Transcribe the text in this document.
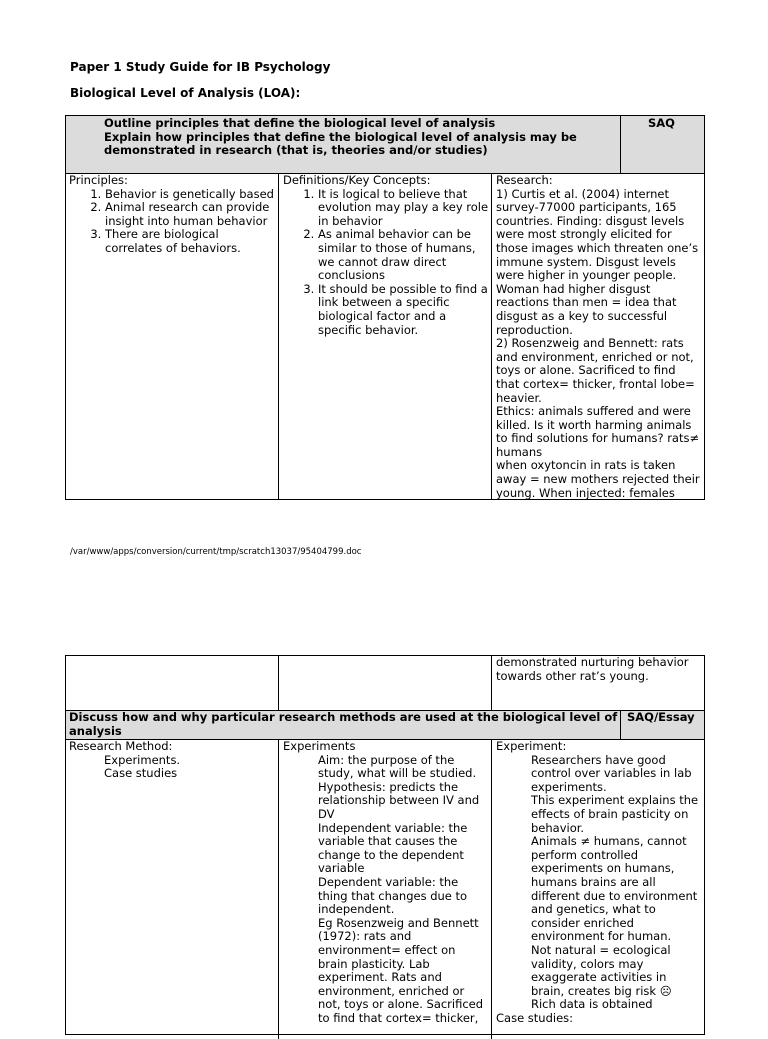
Paper 1 Study Guide for IB Psychology
Biological Level of Analysis (LOA):
Outline principles that define the biological level of analysis
Explain how principles that define the biological level of analysis may be
demonstrated in research (that is, theories and/or studies)
SAQ
Principles:
1. Behavior is genetically based
2. Animal research can provide insight into human behavior
3. There are biological correlates of behaviors.
Definitions/Key Concepts:
1. It is logical to believe that evolution may play a key role in behavior
2. As animal behavior can be similar to those of humans, we cannot draw direct conclusions
3. It should be possible to find a link between a specific biological factor and a specific behavior.
Research:
1) Curtis et al. (2004) internet
survey-77000 participants, 165
countries. Finding: disgust levels
were most strongly elicited for
those images which threaten one’s
immune system. Disgust levels
were higher in younger people.
Woman had higher disgust
reactions than men = idea that
disgust as a key to successful
reproduction.
2) Rosenzweig and Bennett: rats
and environment, enriched or not,
toys or alone. Sacrificed to find
that cortex= thicker, frontal lobe=
heavier.
Ethics: animals suffered and were
killed. Is it worth harming animals
to find solutions for humans? rats≠
humans
when oxytoncin in rats is taken
away = new mothers rejected their
young. When injected: females
/var/www/apps/conversion/current/tmp/scratch13037/95404799.doc
demonstrated nurturing behavior
towards other rat’s young.
Discuss how and why particular research methods are used at the biological level of
analysis
SAQ/Essay
Research Method:
Experiments.
Case studies
Experiments
Aim: the purpose of the
study, what will be studied.
Hypothesis: predicts the
relationship between IV and
DV
Independent variable: the
variable that causes the
change to the dependent
variable
Dependent variable: the
thing that changes due to
independent.
Eg Rosenzweig and Bennett
(1972): rats and
environment= effect on
brain plasticity. Lab
experiment. Rats and
environment, enriched or
not, toys or alone. Sacrificed
to find that cortex= thicker,
Experiment:
Researchers have good
control over variables in lab
experiments.
This experiment explains the
effects of brain pasticity on
behavior.
Animals ≠ humans, cannot
perform controlled
experiments on humans,
humans brains are all
different due to environment
and genetics, what to
consider enriched
environment for human.
Not natural = ecological
validity, colors may
exaggerate activities in
brain, creates big risk ☹
Rich data is obtained
Case studies:
